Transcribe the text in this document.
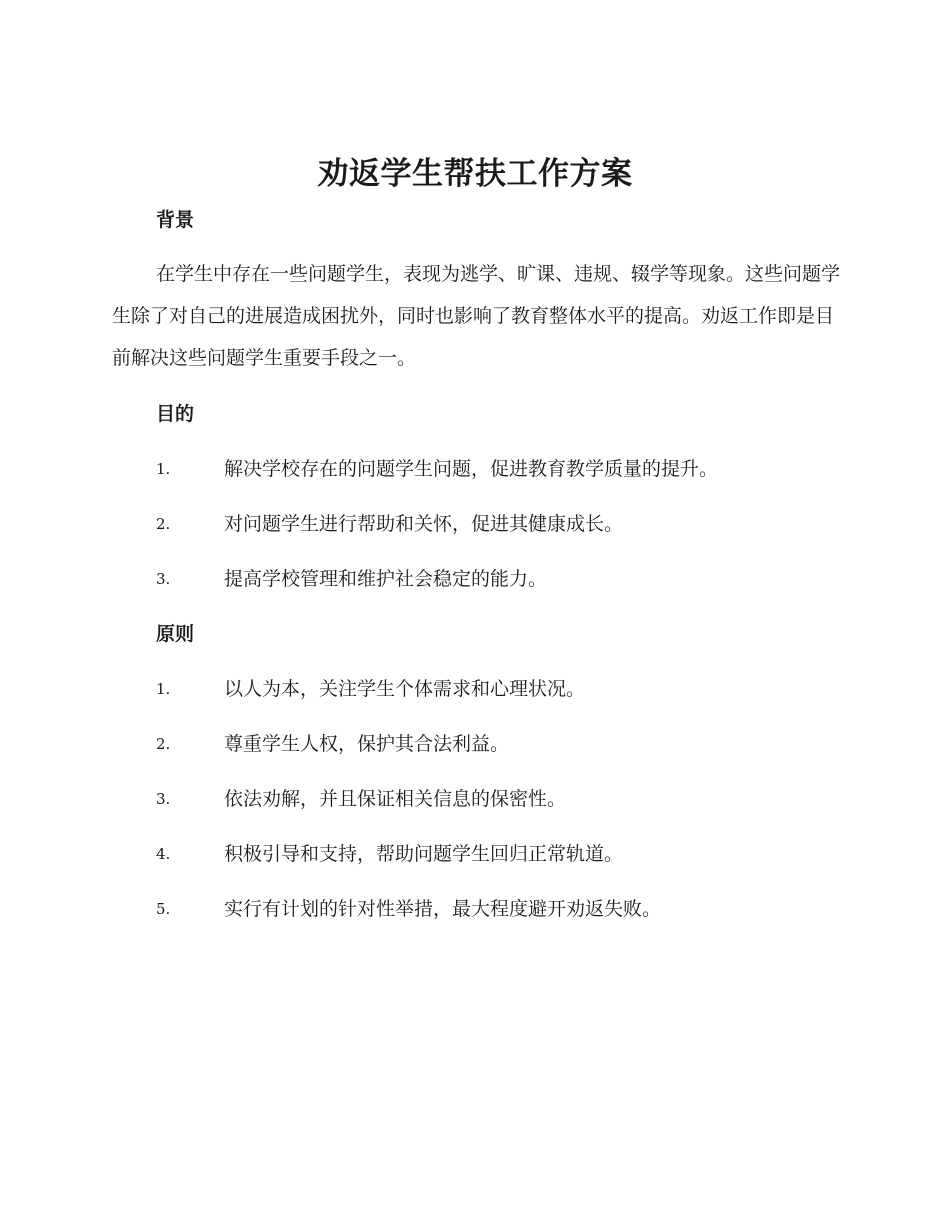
劝返学生帮扶工作方案
背景

在学生中存在一些问题学生，表现为逃学、旷课、违规、辍学等现象。这些问题学生除了对自己的进展造成困扰外，同时也影响了教育整体水平的提高。劝返工作即是目前解决这些问题学生重要手段之一。

目的
1.	解决学校存在的问题学生问题，促进教育教学质量的提升。
2.	对问题学生进行帮助和关怀，促进其健康成长。
3.	提高学校管理和维护社会稳定的能力。
原则
1.	以人为本，关注学生个体需求和心理状况。
2.	尊重学生人权，保护其合法利益。
3.	依法劝解，并且保证相关信息的保密性。
4.	积极引导和支持，帮助问题学生回归正常轨道。
5.	实行有计划的针对性举措，最大程度避开劝返失败。
